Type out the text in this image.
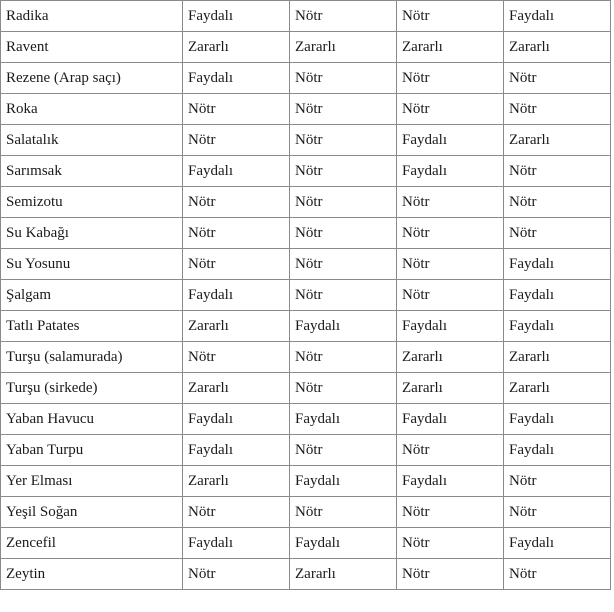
Radika	Faydalı	Nötr	Nötr	Faydalı
Ravent	Zararlı	Zararlı	Zararlı	Zararlı
Rezene (Arap saçı)	Faydalı	Nötr	Nötr	Nötr
Roka	Nötr	Nötr	Nötr	Nötr
Salatalık	Nötr	Nötr	Faydalı	Zararlı
Sarımsak	Faydalı	Nötr	Faydalı	Nötr
Semizotu	Nötr	Nötr	Nötr	Nötr
Su Kabağı	Nötr	Nötr	Nötr	Nötr
Su Yosunu	Nötr	Nötr	Nötr	Faydalı
Şalgam	Faydalı	Nötr	Nötr	Faydalı
Tatlı Patates	Zararlı	Faydalı	Faydalı	Faydalı
Turşu (salamurada)	Nötr	Nötr	Zararlı	Zararlı
Turşu (sirkede)	Zararlı	Nötr	Zararlı	Zararlı
Yaban Havucu	Faydalı	Faydalı	Faydalı	Faydalı
Yaban Turpu	Faydalı	Nötr	Nötr	Faydalı
Yer Elması	Zararlı	Faydalı	Faydalı	Nötr
Yeşil Soğan	Nötr	Nötr	Nötr	Nötr
Zencefil	Faydalı	Faydalı	Nötr	Faydalı
Zeytin	Nötr	Zararlı	Nötr	Nötr
